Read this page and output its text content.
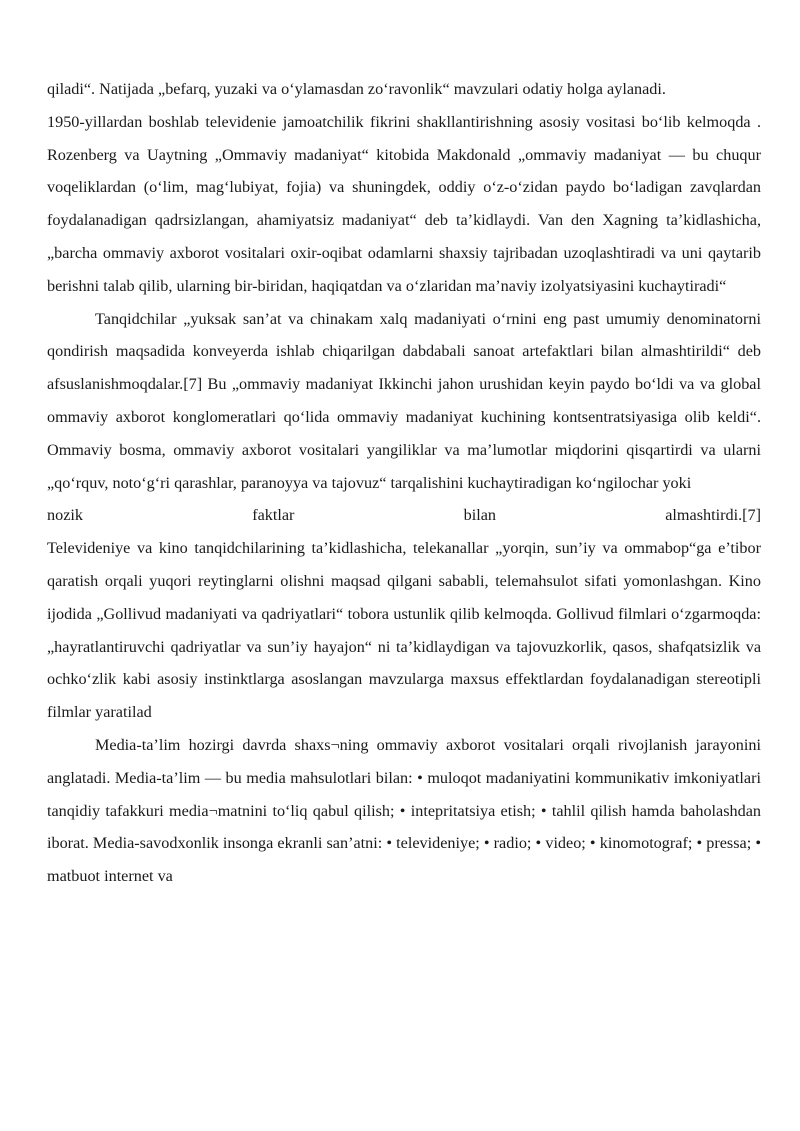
qiladi“. Natijada „befarq, yuzaki va o‘ylamasdan zo‘ravonlik“ mavzulari odatiy holga aylanadi.

1950-yillardan boshlab televidenie jamoatchilik fikrini shakllantirishning asosiy vositasi bo‘lib kelmoqda . Rozenberg va Uaytning „Ommaviy madaniyat“ kitobida Makdonald „ommaviy madaniyat — bu chuqur voqeliklardan (o‘lim, mag‘lubiyat, fojia) va shuningdek, oddiy o‘z-o‘zidan paydo bo‘ladigan zavqlardan foydalanadigan qadrsizlangan, ahamiyatsiz madaniyat“ deb ta’kidlaydi. Van den Xagning ta’kidlashicha, „barcha ommaviy axborot vositalari oxir-oqibat odamlarni shaxsiy tajribadan uzoqlashtiradi va uni qaytarib berishni talab qilib, ularning bir-biridan, haqiqatdan va o‘zlaridan ma’naviy izolyatsiyasini kuchaytiradi“

Tanqidchilar „yuksak san’at va chinakam xalq madaniyati o‘rnini eng past umumiy denominatorni qondirish maqsadida konveyerda ishlab chiqarilgan dabdabali sanoat artefaktlari bilan almashtirildi“ deb afsuslanishmoqdalar.[7] Bu „ommaviy madaniyat Ikkinchi jahon urushidan keyin paydo bo‘ldi va va global ommaviy axborot konglomeratlari qo‘lida ommaviy madaniyat kuchining kontsentratsiyasiga olib keldi“. Ommaviy bosma, ommaviy axborot vositalari yangiliklar va ma’lumotlar miqdorini qisqartirdi va ularni „qo‘rquv, noto‘g‘ri qarashlar, paranoyya va tajovuz“ tarqalishini kuchaytiradigan ko‘ngilochar yoki

nozik	faktlar	bilan	almashtirdi.[7]

Televideniye va kino tanqidchilarining ta’kidlashicha, telekanallar „yorqin, sun’iy va ommabop“ga e’tibor qaratish orqali yuqori reytinglarni olishni maqsad qilgani sababli, telemahsulot sifati yomonlashgan. Kino ijodida „Gollivud madaniyati va qadriyatlari“ tobora ustunlik qilib kelmoqda. Gollivud filmlari o‘zgarmoqda: „hayratlantiruvchi qadriyatlar va sun’iy hayajon“ ni ta’kidlaydigan va tajovuzkorlik, qasos, shafqatsizlik va ochko‘zlik kabi asosiy instinktlarga asoslangan mavzularga maxsus effektlardan foydalanadigan stereotipli filmlar yaratilad

Media-ta’lim hozirgi davrda shaxs¬ning ommaviy axborot vositalari orqali rivojlanish jarayonini anglatadi. Media-ta’lim — bu media mahsulotlari bilan: • muloqot madaniyatini kommunikativ imkoniyatlari tanqidiy tafakkuri media¬matnini to‘liq qabul qilish; • intepritatsiya etish; • tahlil qilish hamda baholashdan iborat. Media-savodxonlik insonga ekranli san’atni: • televideniye; • radio; • video; • kinomotograf; • pressa; • matbuot internet va
